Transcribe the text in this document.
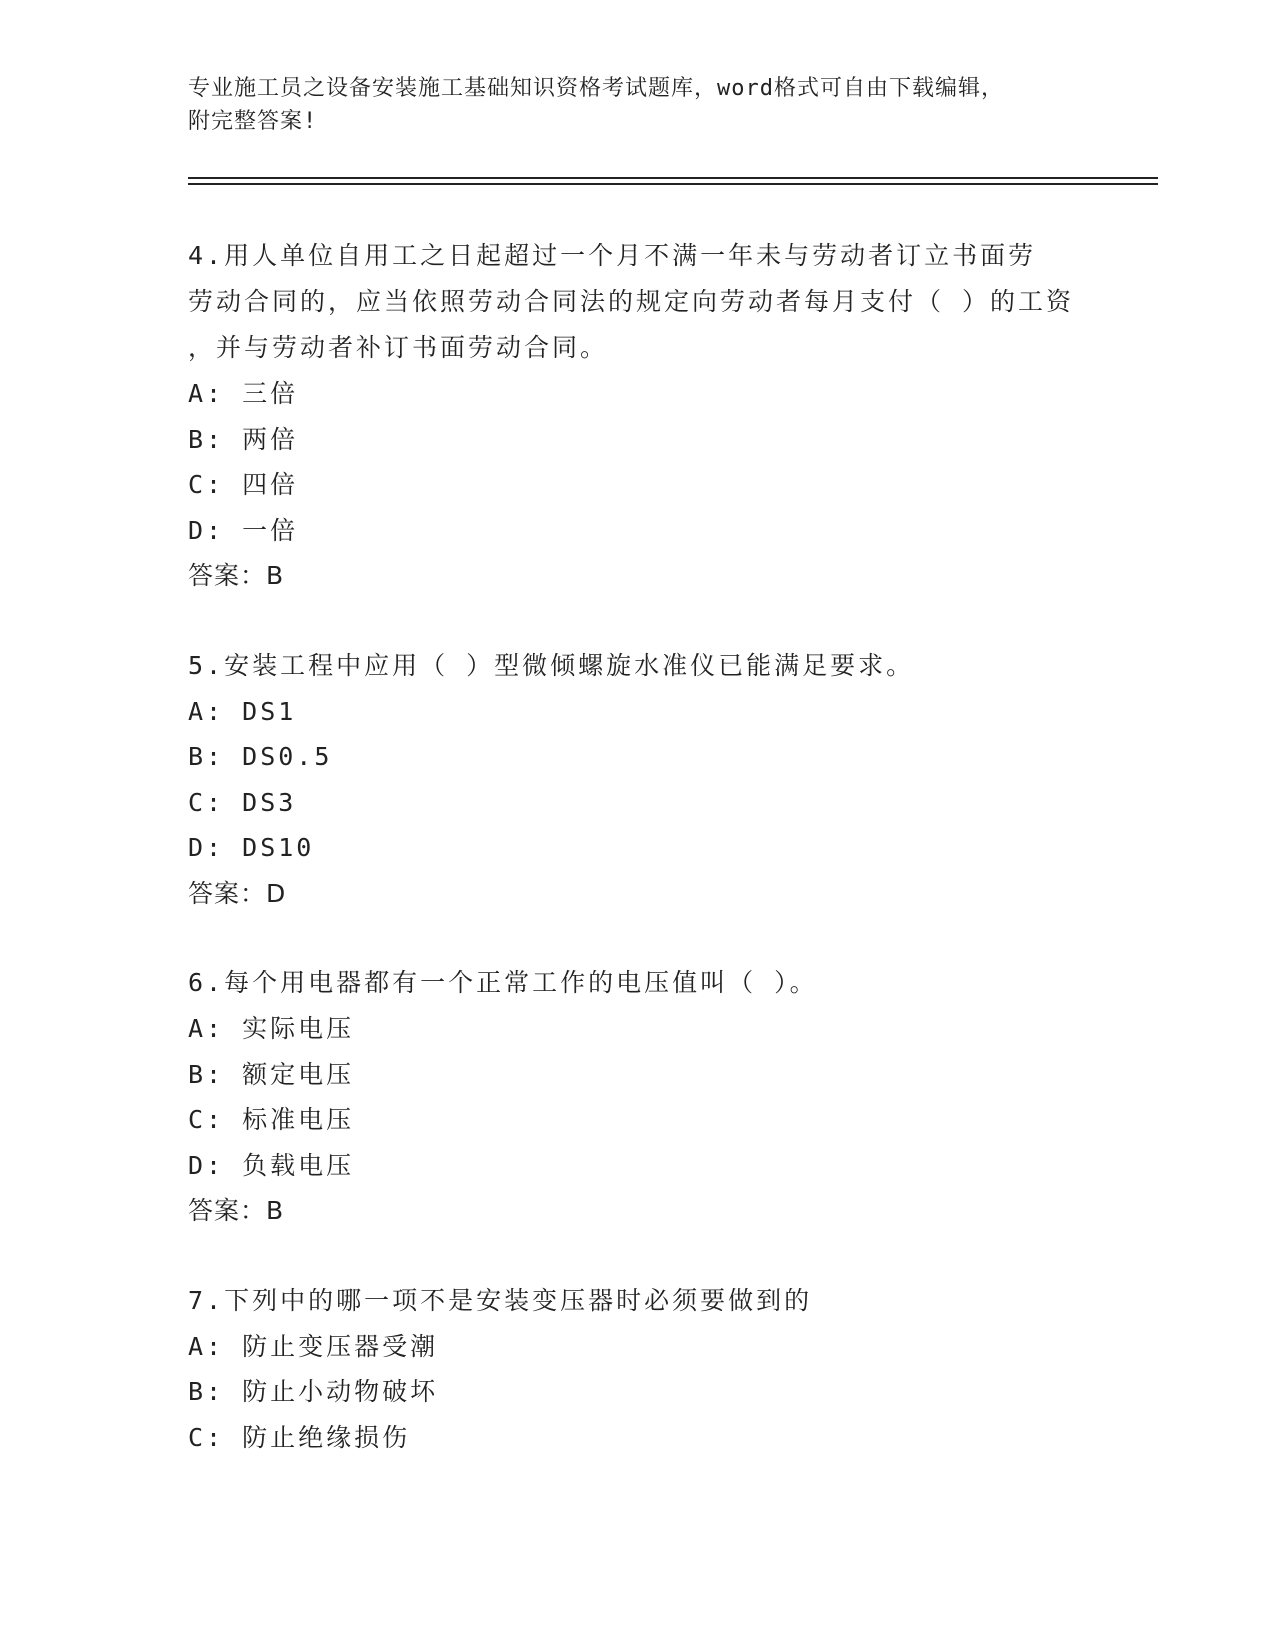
专业施工员之设备安装施工基础知识资格考试题库，word格式可自由下载编辑，
附完整答案!
4.用人单位自用工之日起超过一个月不满一年未与劳动者订立书面劳
劳动合同的，应当依照劳动合同法的规定向劳动者每月支付（ ）的工资
，并与劳动者补订书面劳动合同。
A: 三倍
B: 两倍
C: 四倍
D: 一倍
答案：B
5.安装工程中应用（ ）型微倾螺旋水准仪已能满足要求。
A: DS1
B: DS0.5
C: DS3
D: DS10
答案：D
6.每个用电器都有一个正常工作的电压值叫（ ）。
A: 实际电压
B: 额定电压
C: 标准电压
D: 负载电压
答案：B
7.下列中的哪一项不是安装变压器时必须要做到的
A: 防止变压器受潮
B: 防止小动物破坏
C: 防止绝缘损伤
